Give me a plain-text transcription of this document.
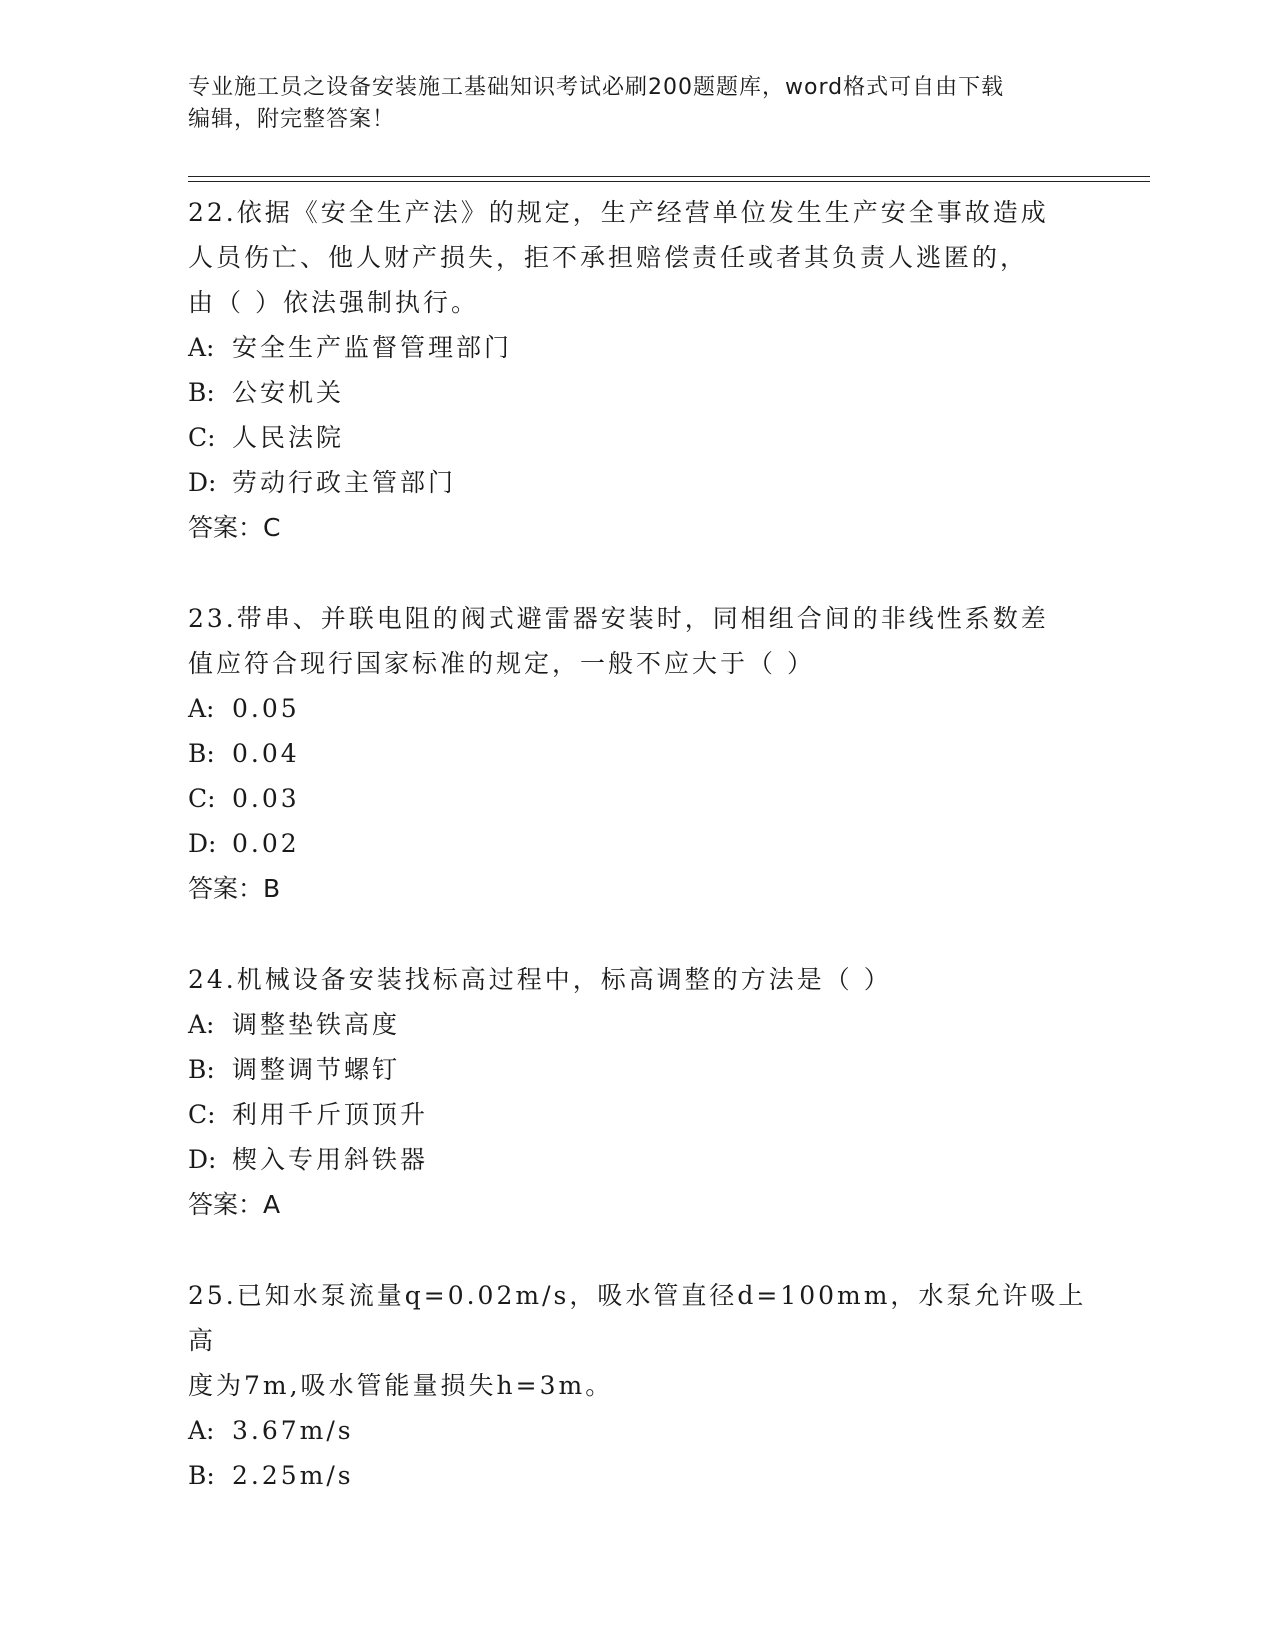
专业施工员之设备安装施工基础知识考试必刷200题题库，word格式可自由下载
编辑，附完整答案！

22.依据《安全生产法》的规定，生产经营单位发生生产安全事故造成

人员伤亡、他人财产损失，拒不承担赔偿责任或者其负责人逃匿的，

由（ ）依法强制执行。

A: 安全生产监督管理部门

B: 公安机关

C: 人民法院

D: 劳动行政主管部门

答案：C

23.带串、并联电阻的阀式避雷器安装时，同相组合间的非线性系数差

值应符合现行国家标准的规定，一般不应大于（ ）

A: 0.05

B: 0.04

C: 0.03

D: 0.02

答案：B

24.机械设备安装找标高过程中，标高调整的方法是（ ）

A: 调整垫铁高度

B: 调整调节螺钉

C: 利用千斤顶顶升

D: 楔入专用斜铁器

答案：A

25.已知水泵流量q=0.02m/s，吸水管直径d=100mm，水泵允许吸上高

度为7m,吸水管能量损失h=3m。

A: 3.67m/s

B: 2.25m/s
